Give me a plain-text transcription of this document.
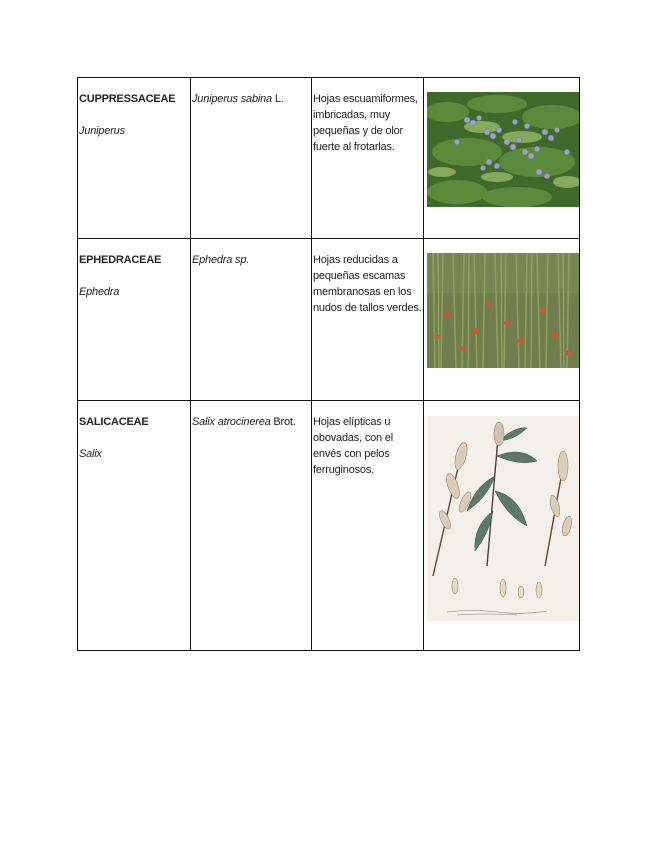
CUPPRESSACEAE
Juniperus	Juniperus sabina L.	Hojas escuamiformes, imbricadas, muy pequeñas y de olor fuerte al frotarlas.

EPHEDRACEAE
Ephedra	Ephedra sp.	Hojas reducidas a pequeñas escamas membranosas en los nudos de tallos verdes.

SALICACEAE
Salix	Salix atrocinerea Brot.	Hojas elípticas u obovadas, con el envés con pelos ferruginosos.
